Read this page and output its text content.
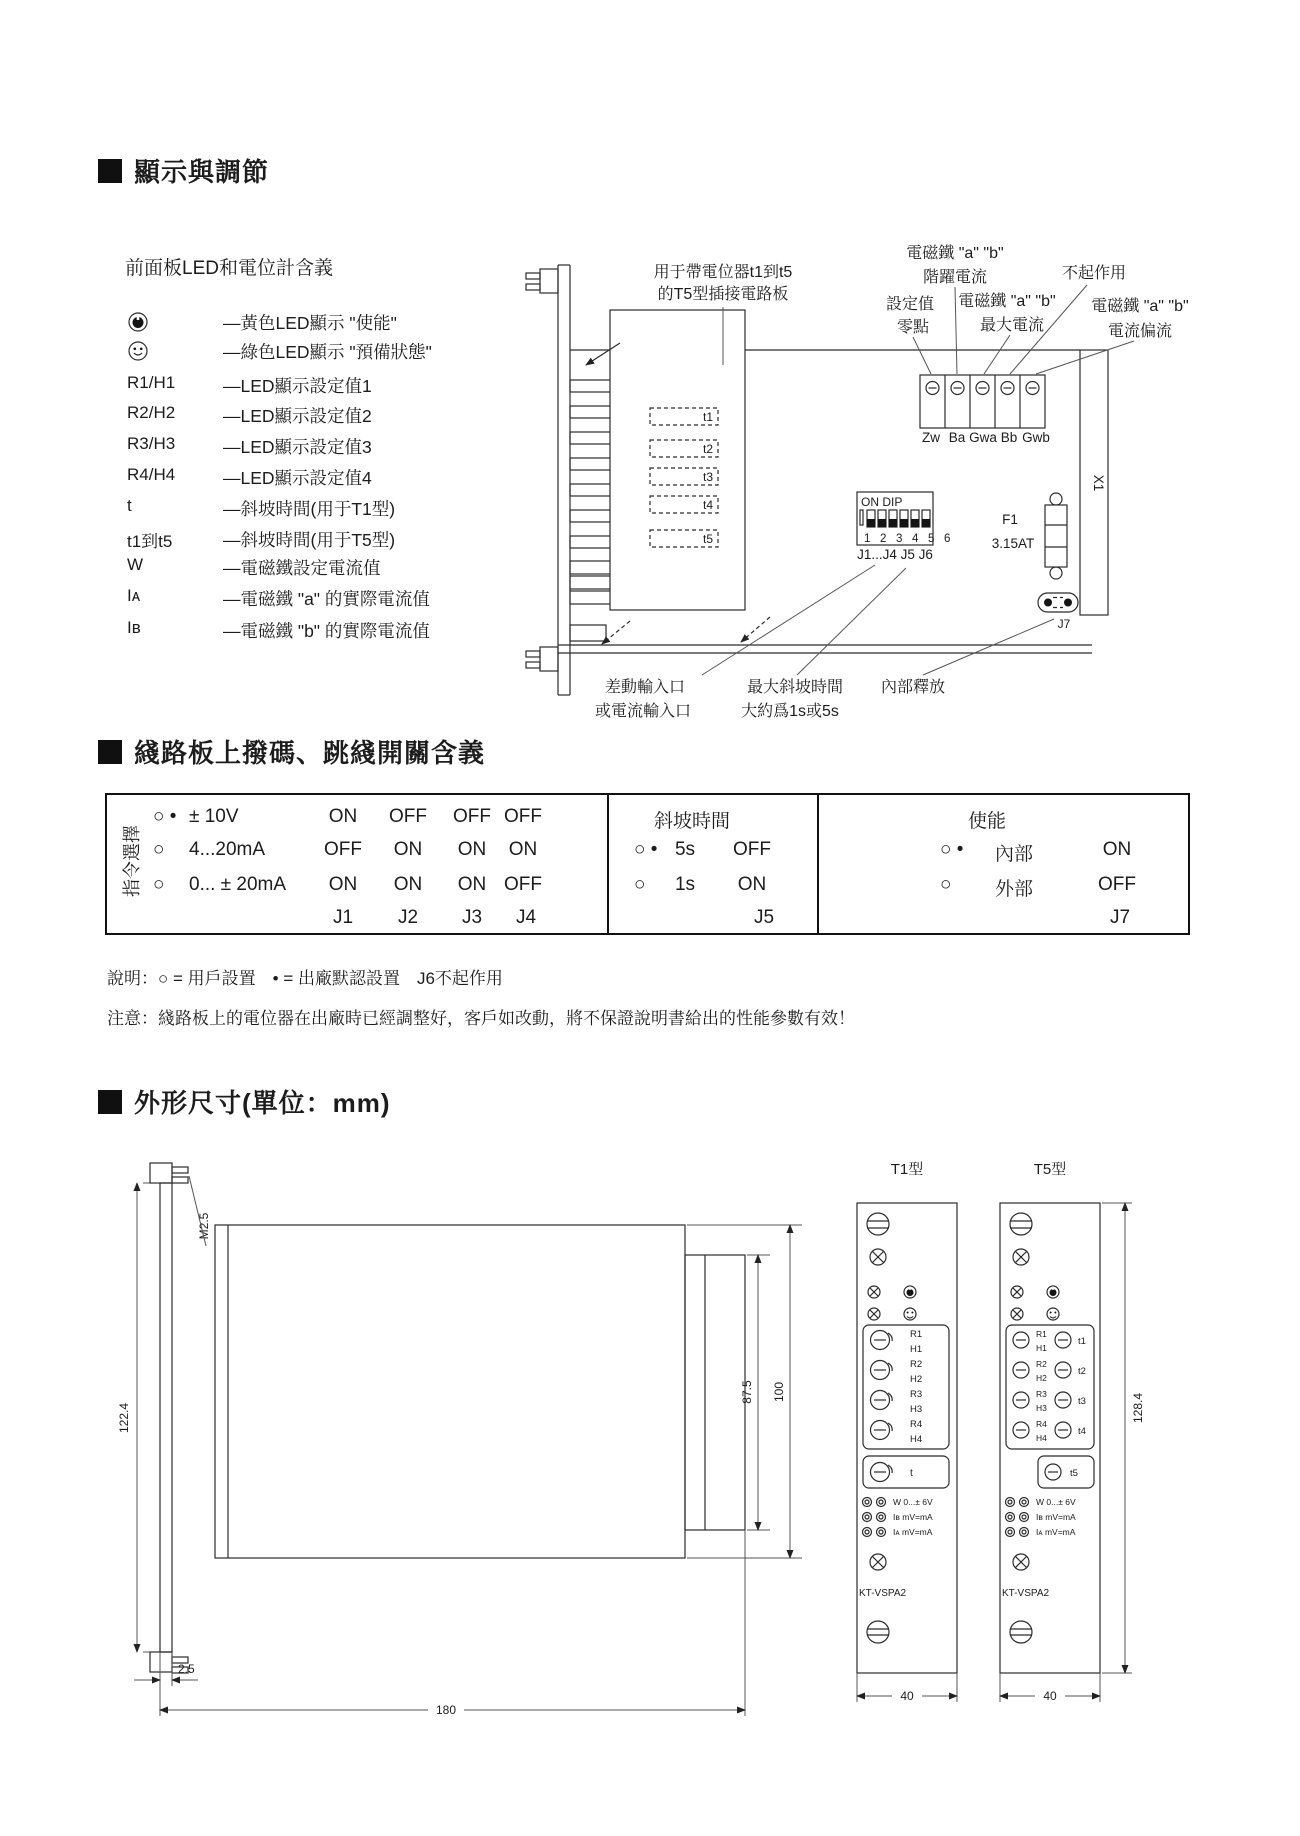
顯示與調節
前面板LED和電位計含義
—黃色LED顯示 "使能"
—綠色LED顯示 "預備狀態"
R1/H1	—LED顯示設定值1
R2/H2	—LED顯示設定值2
R3/H3	—LED顯示設定值3
R4/H4	—LED顯示設定值4
t	—斜坡時間(用于T1型)
t1到t5	—斜坡時間(用于T5型)
W	—電磁鐵設定電流值
Iᴀ	—電磁鐵 "a" 的實際電流值
Iʙ	—電磁鐵 "b" 的實際電流值
X1
t1
t2
t3
t4
t5
Zw Ba Gwa Bb Gwb
用于帶電位器t1到t5
的T5型插接電路板
電磁鐵 "a" "b"
階躍電流
設定值
零點
電磁鐵 "a" "b"
最大電流
不起作用
電磁鐵 "a" "b"
電流偏流
ON DIP
1 2 3 4 5 6
J1...J4 J5 J6
F1
3.15AT
J7
差動輸入口
或電流輸入口
最大斜坡時間
大約爲1s或5s
內部釋放
綫路板上撥碼、跳綫開關含義
指令選擇
○ • ± 10V	ON OFF OFF OFF
○ 4...20mA	OFF ON ON ON
○ 0... ± 20mA ON ON ON OFF
J1 J2 J3 J4
斜坡時間
○ • 5s OFF
○ 1s ON
J5
使能
○ • 內部	ON
○ 外部	OFF
J7
說明：○ = 用戶設置　• = 出廠默認設置　J6不起作用
注意：綫路板上的電位器在出廠時已經調整好，客戶如改動，將不保證說明書給出的性能參數有效！
外形尺寸(單位：mm)
122.4
M2.5
87.5 100
2.5
180
T1型
R1
H1
R2
H2
R3
H3
R4
H4
t
W 0...± 6V
Iʙ mV=mA
Iᴀ mV=mA
KT-VSPA2
40
T5型
R1
H1
R2
H2
R3
H3
R4
H4
t1
t2
t3
t4
t5
W 0...± 6V
Iʙ mV=mA
Iᴀ mV=mA
KT-VSPA2
40
128.4
